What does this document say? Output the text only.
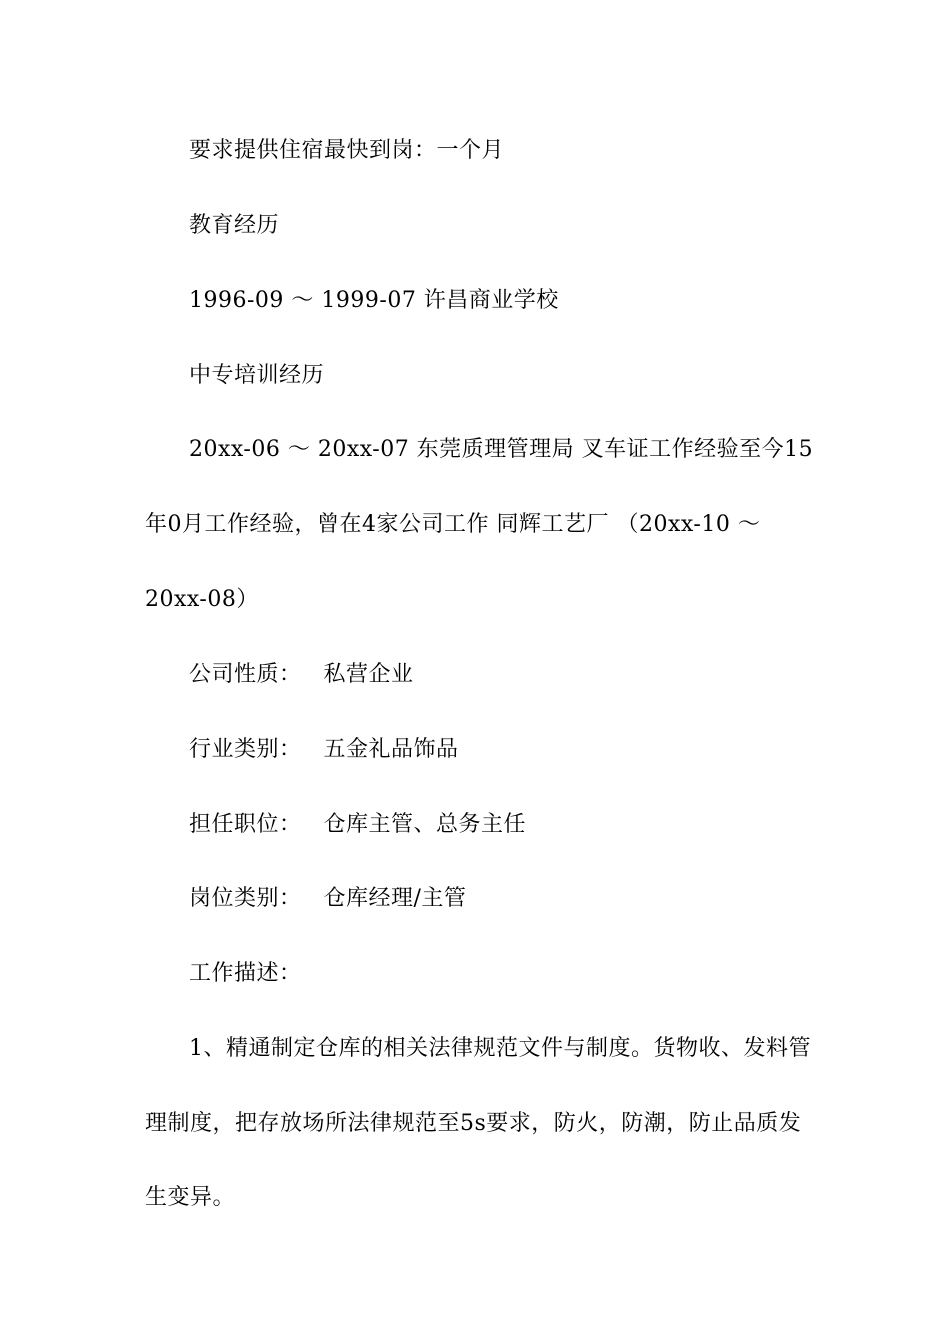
要求提供住宿最快到岗：一个月
教育经历
1996-09 ～ 1999-07 许昌商业学校
中专培训经历
20xx-06 ～ 20xx-07 东莞质理管理局 叉车证工作经验至今15
年0月工作经验，曾在4家公司工作 同辉工艺厂 （20xx-10 ～
20xx-08）
公司性质： 私营企业
行业类别： 五金礼品饰品
担任职位： 仓库主管、总务主任
岗位类别： 仓库经理/主管
工作描述：
1、精通制定仓库的相关法律规范文件与制度。货物收、发料管
理制度，把存放场所法律规范至5s要求，防火，防潮，防止品质发
生变异。
